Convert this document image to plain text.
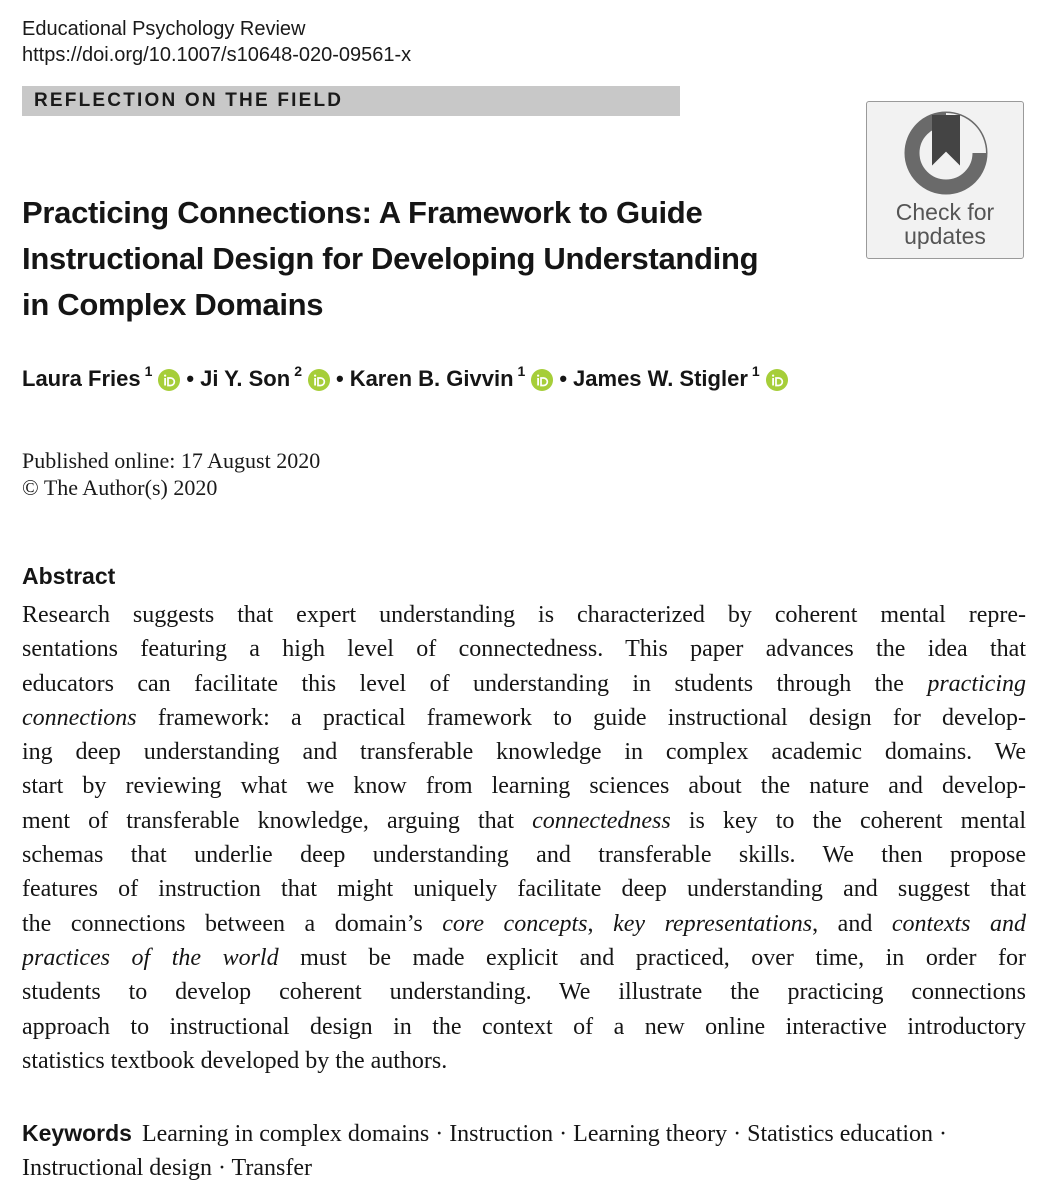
Educational Psychology Review
https://doi.org/10.1007/s10648-020-09561-x
REFLECTION ON THE FIELD
Check for
updates
Practicing Connections: A Framework to Guide
Instructional Design for Developing Understanding
in Complex Domains
Laura Fries $^1$ • Ji Y. Son $^2$ • Karen B. Givvin $^1$ • James W. Stigler $^1$
Published online: 17 August 2020
© The Author(s) 2020
Abstract
Research suggests that expert understanding is characterized by coherent mental repre-
sentations featuring a high level of connectedness. This paper advances the idea that
educators can facilitate this level of understanding in students through the practicing
connections framework: a practical framework to guide instructional design for develop-
ing deep understanding and transferable knowledge in complex academic domains. We
start by reviewing what we know from learning sciences about the nature and develop-
ment of transferable knowledge, arguing that connectedness is key to the coherent mental
schemas that underlie deep understanding and transferable skills. We then propose
features of instruction that might uniquely facilitate deep understanding and suggest that
the connections between a domain’s core concepts, key representations, and contexts and
practices of the world must be made explicit and practiced, over time, in order for
students to develop coherent understanding. We illustrate the practicing connections
approach to instructional design in the context of a new online interactive introductory
statistics textbook developed by the authors.
Keywords Learning in complex domains · Instruction · Learning theory · Statistics education ·
Instructional design · Transfer
